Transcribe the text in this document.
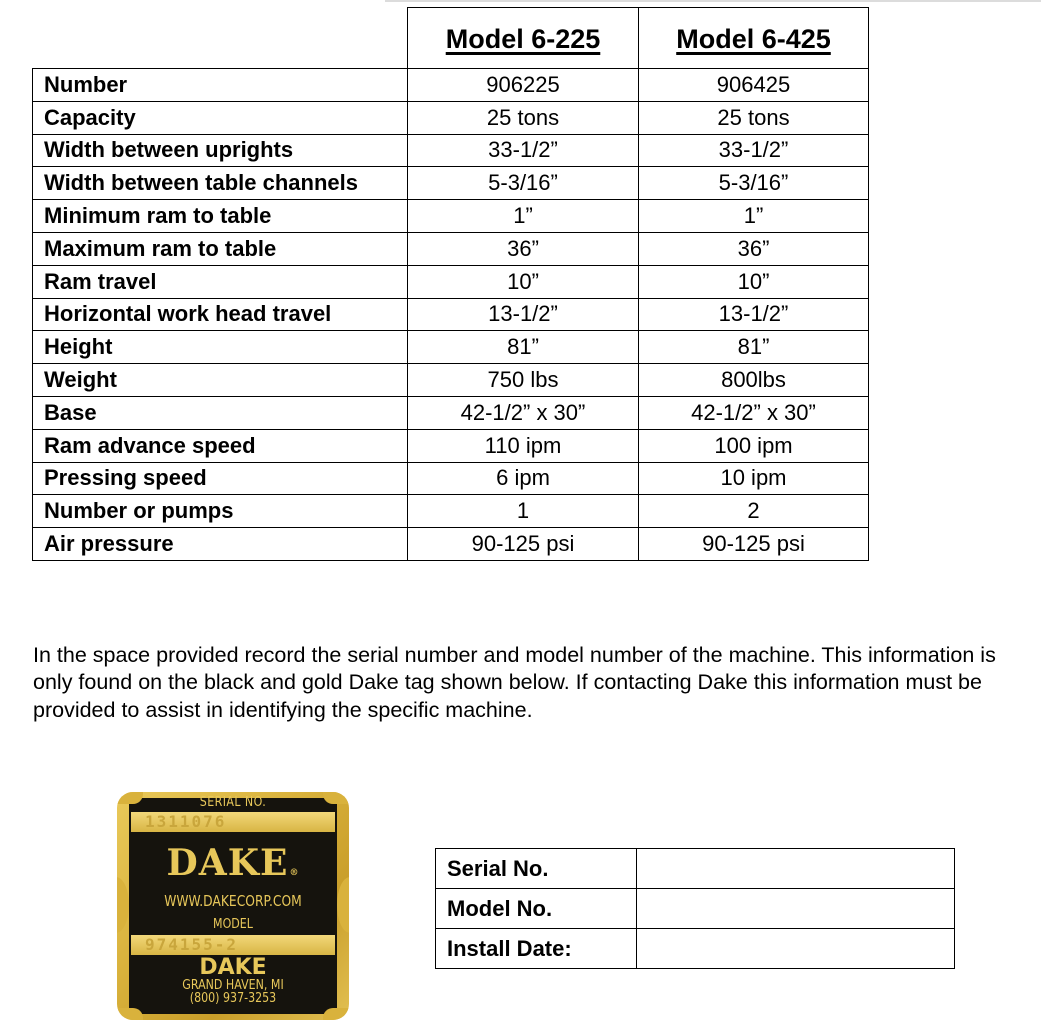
	Model 6-225	Model 6-425
Number	906225	906425
Capacity	25 tons	25 tons
Width between uprights	33-1/2”	33-1/2”
Width between table channels	5-3/16”	5-3/16”
Minimum ram to table	1”	1”
Maximum ram to table	36”	36”
Ram travel	10”	10”
Horizontal work head travel	13-1/2”	13-1/2”
Height	81”	81”
Weight	750 lbs	800lbs
Base	42-1/2” x 30”	42-1/2” x 30”
Ram advance speed	110 ipm	100 ipm
Pressing speed	6 ipm	10 ipm
Number or pumps	1	2
Air pressure	90-125 psi	90-125 psi

In the space provided record the serial number and model number of the machine. This information is only found on the black and gold Dake tag shown below. If contacting Dake this information must be provided to assist in identifying the specific machine.

SERIAL NO.
1311076
DAKE®
WWW.DAKECORP.COM
MODEL
974155-2
DAKE
GRAND HAVEN, MI
(800) 937-3253
Serial No.	
Model No.	
Install Date:	
